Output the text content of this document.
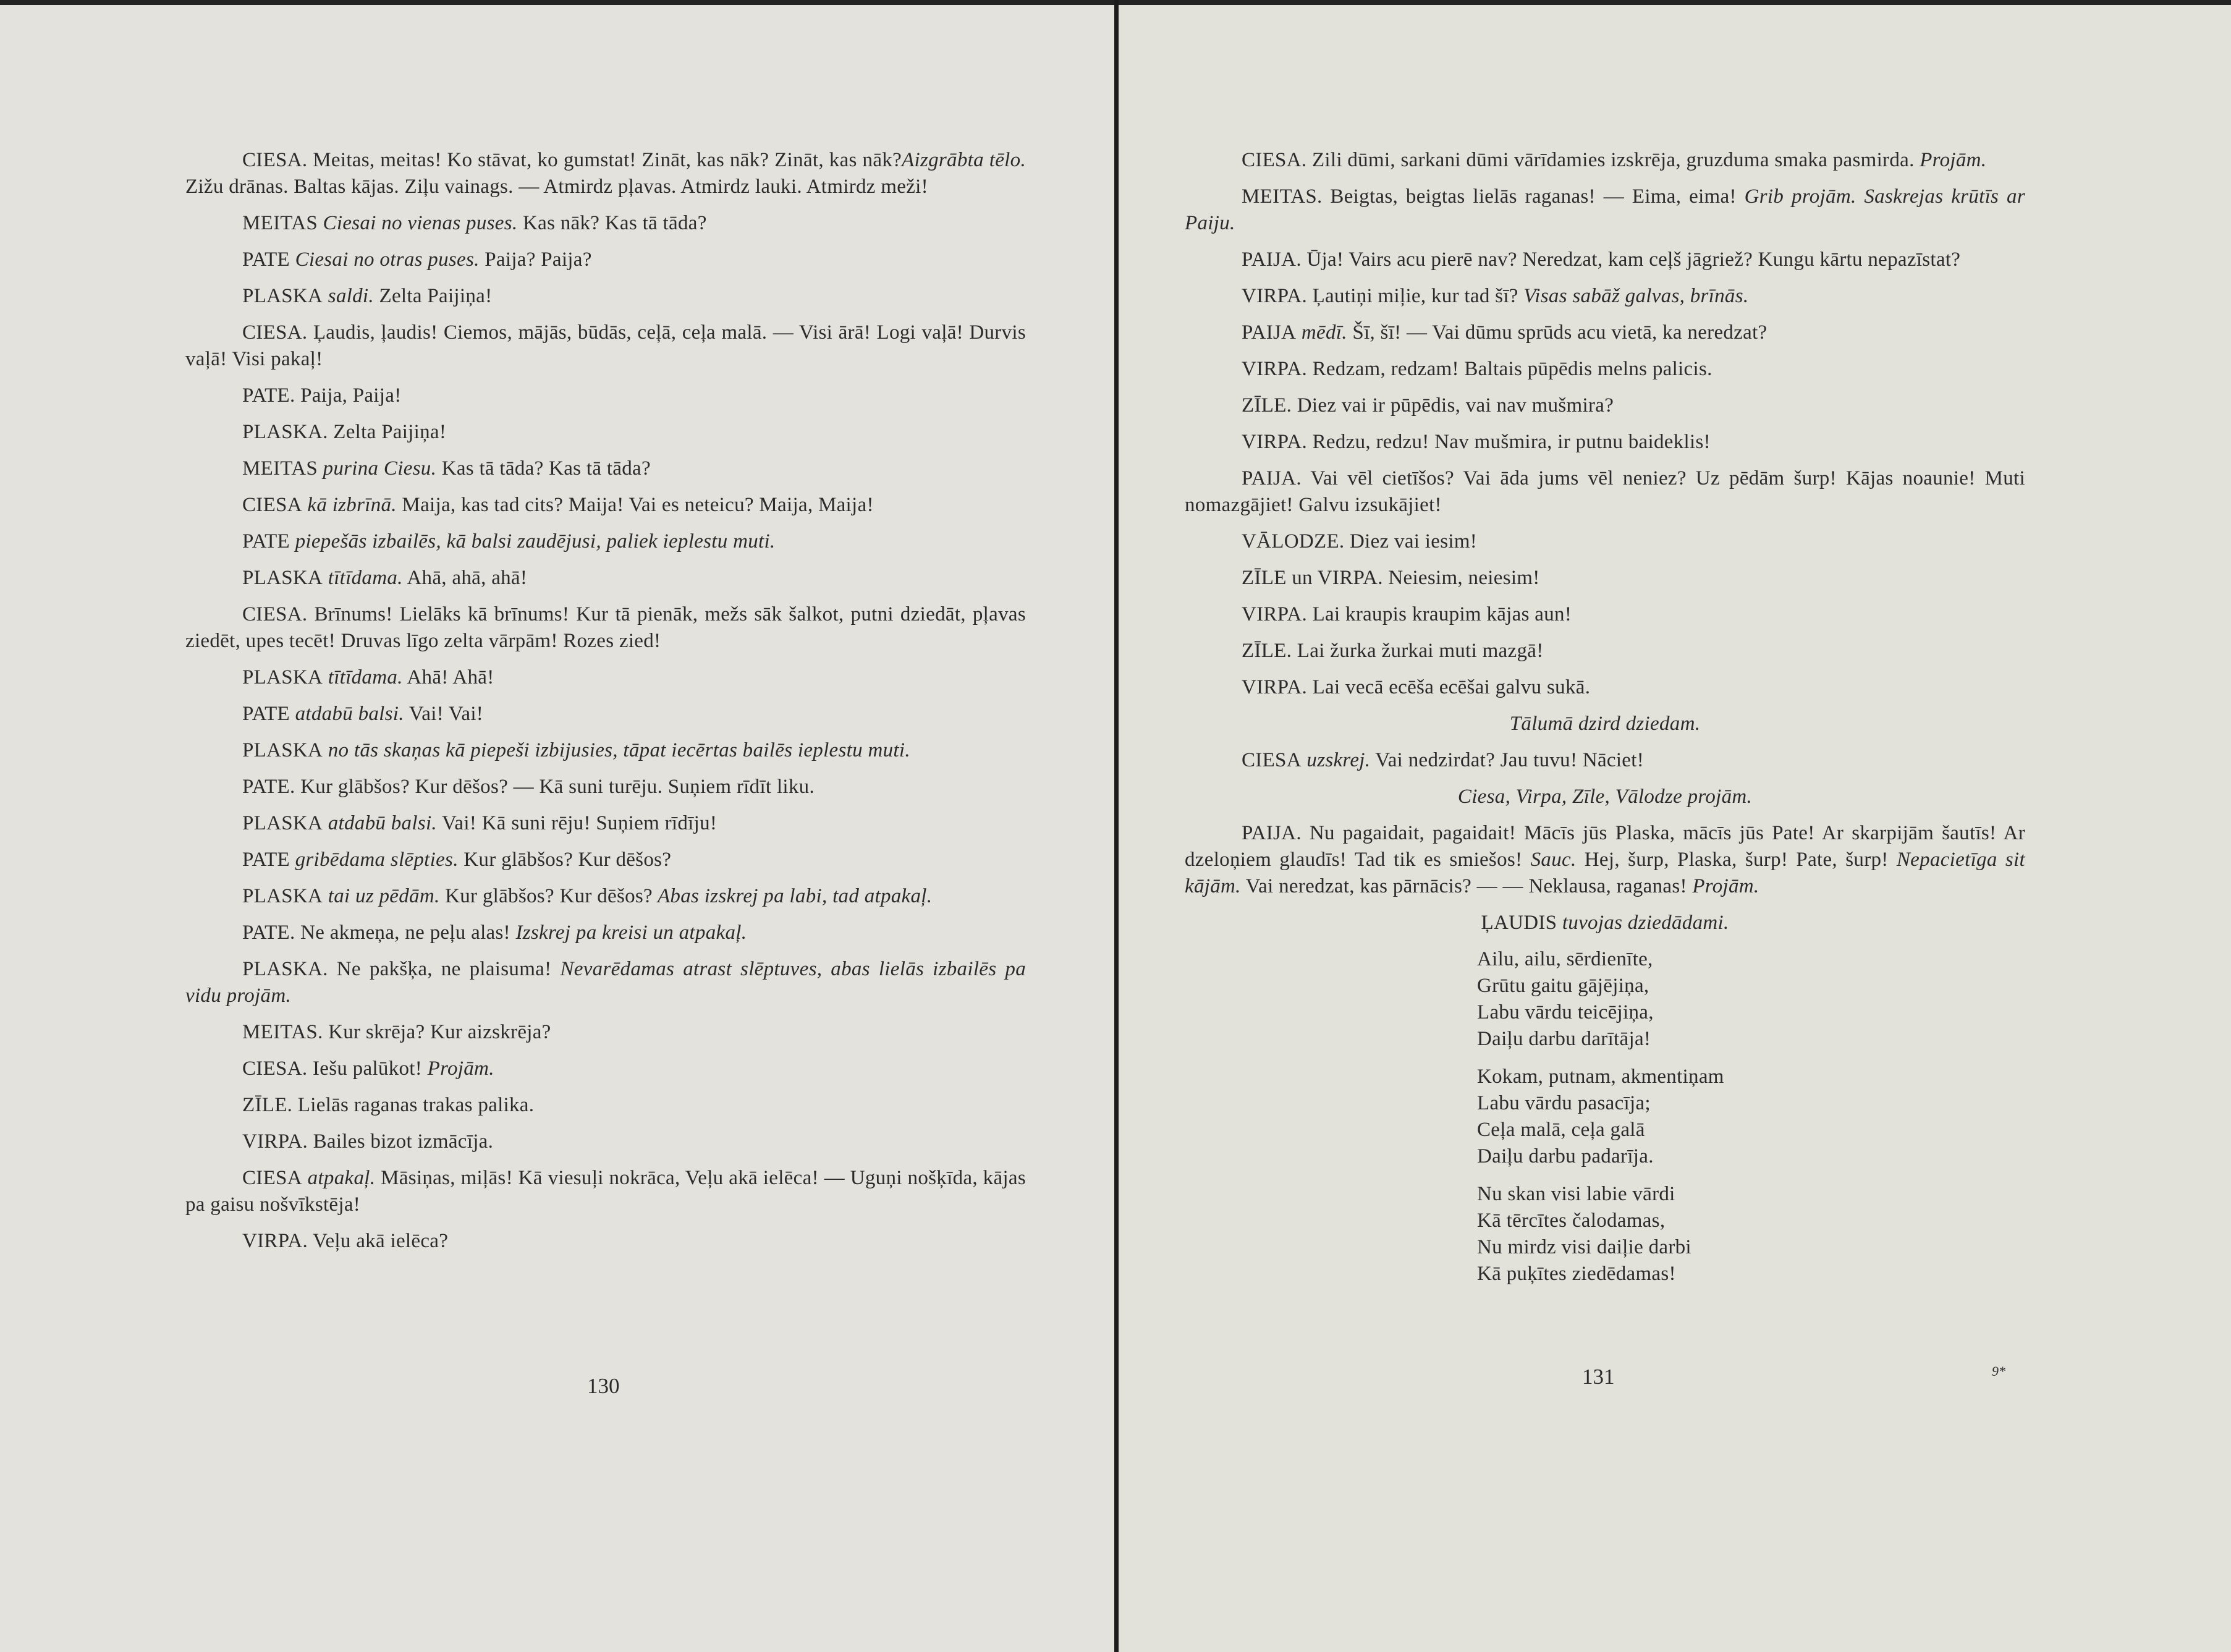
CIESA. Meitas, meitas! Ko stāvat, ko gumstat! Zināt, kas nāk? Zināt, kas nāk?Aizgrābta tēlo. Zižu drānas. Baltas kājas. Ziļu vainags. — Atmirdz pļavas. Atmirdz lauki. Atmirdz meži!

MEITAS Ciesai no vienas puses. Kas nāk? Kas tā tāda?

PATE Ciesai no otras puses. Paija? Paija?

PLASKA saldi. Zelta Paijiņa!

CIESA. Ļaudis, ļaudis! Ciemos, mājās, būdās, ceļā, ceļa malā. — Visi ārā! Logi vaļā! Durvis vaļā! Visi pakaļ!

PATE. Paija, Paija!

PLASKA. Zelta Paijiņa!

MEITAS purina Ciesu. Kas tā tāda? Kas tā tāda?

CIESA kā izbrīnā. Maija, kas tad cits? Maija! Vai es neteicu? Maija, Maija!

PATE piepešās izbailēs, kā balsi zaudējusi, paliek ieplestu muti.

PLASKA tītīdama. Ahā, ahā, ahā!

CIESA. Brīnums! Lielāks kā brīnums! Kur tā pienāk, mežs sāk šalkot, putni dziedāt, pļavas ziedēt, upes tecēt! Druvas līgo zelta vārpām! Rozes zied!

PLASKA tītīdama. Ahā! Ahā!

PATE atdabū balsi. Vai! Vai!

PLASKA no tās skaņas kā piepeši izbijusies, tāpat iecērtas bailēs ieplestu muti.

PATE. Kur glābšos? Kur dēšos? — Kā suni turēju. Suņiem rīdīt liku.

PLASKA atdabū balsi. Vai! Kā suni rēju! Suņiem rīdīju!

PATE gribēdama slēpties. Kur glābšos? Kur dēšos?

PLASKA tai uz pēdām. Kur glābšos? Kur dēšos? Abas izskrej pa labi, tad atpakaļ.

PATE. Ne akmeņa, ne peļu alas! Izskrej pa kreisi un atpakaļ.

PLASKA. Ne pakšķa, ne plaisuma! Nevarēdamas atrast slēptuves, abas lielās izbailēs pa vidu projām.

MEITAS. Kur skrēja? Kur aizskrēja?

CIESA. Iešu palūkot! Projām.

ZĪLE. Lielās raganas trakas palika.

VIRPA. Bailes bizot izmācīja.

CIESA atpakaļ. Māsiņas, miļās! Kā viesuļi nokrāca, Veļu akā ielēca! — Uguņi nošķīda, kājas pa gaisu nošvīkstēja!

VIRPA. Veļu akā ielēca?

130

CIESA. Zili dūmi, sarkani dūmi vārīdamies izskrēja, gruzduma smaka pasmirda. Projām.

MEITAS. Beigtas, beigtas lielās raganas! — Eima, eima! Grib projām. Saskrejas krūtīs ar Paiju.

PAIJA. Ūja! Vairs acu pierē nav? Neredzat, kam ceļš jāgriež? Kungu kārtu nepazīstat?

VIRPA. Ļautiņi miļie, kur tad šī? Visas sabāž galvas, brīnās.

PAIJA mēdī. Šī, šī! — Vai dūmu sprūds acu vietā, ka neredzat?

VIRPA. Redzam, redzam! Baltais pūpēdis melns palicis.

ZĪLE. Diez vai ir pūpēdis, vai nav mušmira?

VIRPA. Redzu, redzu! Nav mušmira, ir putnu baideklis!

PAIJA. Vai vēl cietīšos? Vai āda jums vēl neniez? Uz pēdām šurp! Kājas noaunie! Muti nomazgājiet! Galvu izsukājiet!

VĀLODZE. Diez vai iesim!

ZĪLE un VIRPA. Neiesim, neiesim!

VIRPA. Lai kraupis kraupim kājas aun!

ZĪLE. Lai žurka žurkai muti mazgā!

VIRPA. Lai vecā ecēša ecēšai galvu sukā.

Tālumā dzird dziedam.

CIESA uzskrej. Vai nedzirdat? Jau tuvu! Nāciet!

Ciesa, Virpa, Zīle, Vālodze projām.

PAIJA. Nu pagaidait, pagaidait! Mācīs jūs Plaska, mācīs jūs Pate! Ar skarpijām šautīs! Ar dzeloņiem glaudīs! Tad tik es smiešos! Sauc. Hej, šurp, Plaska, šurp! Pate, šurp! Nepacietīga sit kājām. Vai neredzat, kas pārnācis? — — Neklausa, raganas! Projām.

ĻAUDIS tuvojas dziedādami.

Ailu, ailu, sērdienīte,
Grūtu gaitu gājējiņa,
Labu vārdu teicējiņa,
Daiļu darbu darītāja!
Kokam, putnam, akmentiņam
Labu vārdu pasacīja;
Ceļa malā, ceļa galā
Daiļu darbu padarīja.
Nu skan visi labie vārdi
Kā tērcītes čalodamas,
Nu mirdz visi daiļie darbi
Kā puķītes ziedēdamas!
131	9*
